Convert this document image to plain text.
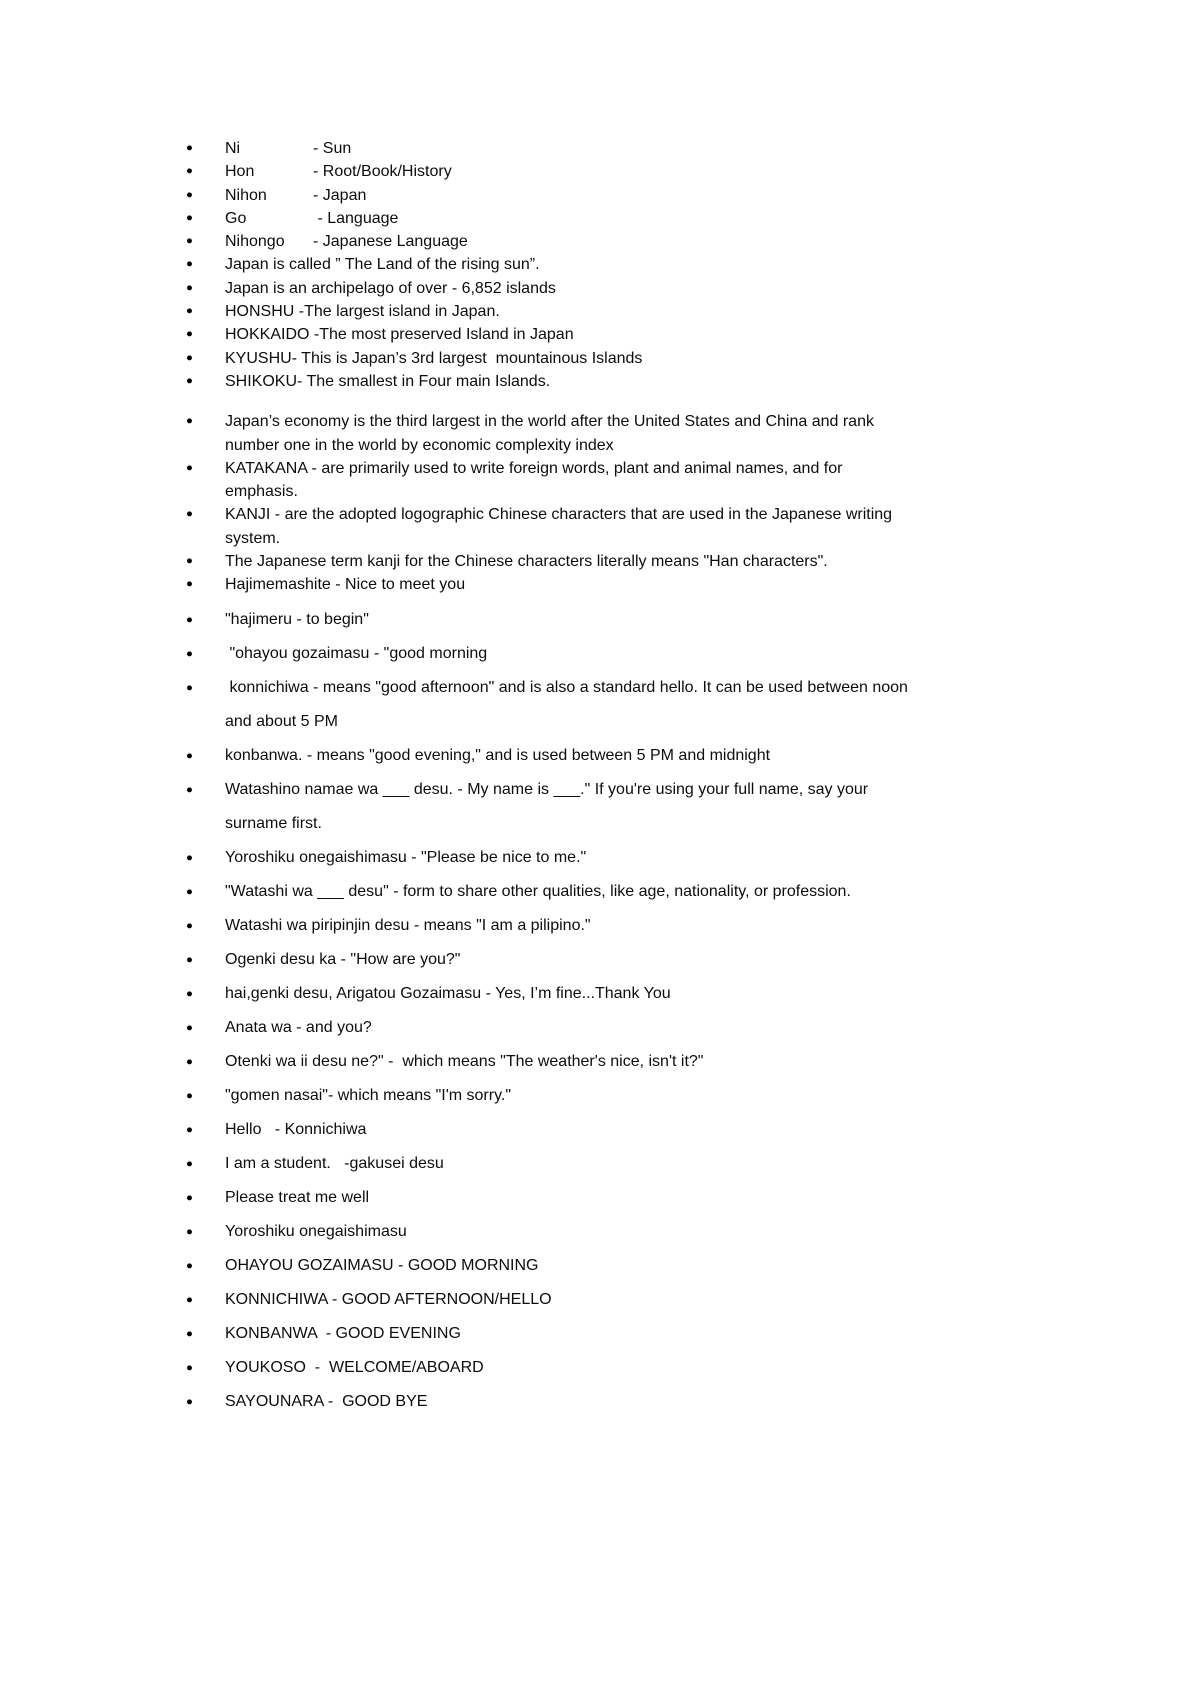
● Ni	- Sun
● Hon	- Root/Book/History
● Nihon	- Japan
● Go	- Language
● Nihongo - Japanese Language
● Japan is called ” The Land of the rising sun”.
● Japan is an archipelago of over - 6,852 islands
● HONSHU -The largest island in Japan.
● HOKKAIDO -The most preserved Island in Japan
● KYUSHU- This is Japan’s 3rd largest  mountainous Islands
● SHIKOKU- The smallest in Four main Islands.
● Japan’s economy is the third largest in the world after the United States and China and rank
number one in the world by economic complexity index
● KATAKANA - are primarily used to write foreign words, plant and animal names, and for
emphasis.
● KANJI - are the adopted logographic Chinese characters that are used in the Japanese writing
system.
● The Japanese term kanji for the Chinese characters literally means "Han characters".
● Hajimemashite - Nice to meet you
● "hajimeru - to begin"
● "ohayou gozaimasu - "good morning
● konnichiwa - means "good afternoon" and is also a standard hello. It can be used between noon
and about 5 PM
● konbanwa. - means "good evening," and is used between 5 PM and midnight
● Watashino namae wa ___ desu. - My name is ___." If you're using your full name, say your
surname first.
● Yoroshiku onegaishimasu - "Please be nice to me."
● "Watashi wa ___ desu" - form to share other qualities, like age, nationality, or profession.
● Watashi wa piripinjin desu - means "I am a pilipino."
● Ogenki desu ka - "How are you?"
● hai,genki desu, Arigatou Gozaimasu - Yes, I’m fine...Thank You
● Anata wa - and you?
● Otenki wa ii desu ne?" -  which means "The weather's nice, isn't it?"
● "gomen nasai"- which means "I'm sorry."
● Hello   - Konnichiwa
● I am a student.   -gakusei desu
● Please treat me well
● Yoroshiku onegaishimasu
● OHAYOU GOZAIMASU - GOOD MORNING
● KONNICHIWA - GOOD AFTERNOON/HELLO
● KONBANWA  - GOOD EVENING
● YOUKOSO  -  WELCOME/ABOARD
● SAYOUNARA -  GOOD BYE
